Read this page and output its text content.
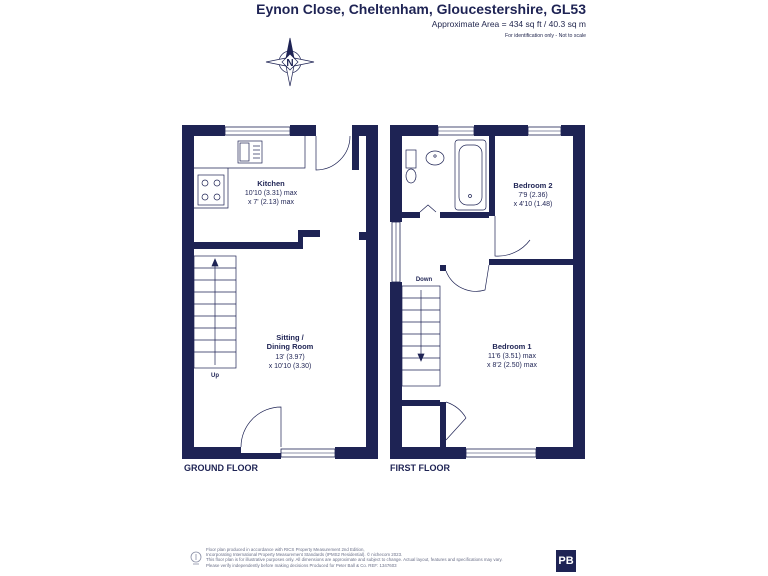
Eynon Close, Cheltenham, Gloucestershire, GL53
Approximate Area = 434 sq ft / 40.3 sq m
For identification only - Not to scale
N
Kitchen
10'10 (3.31) max
x 7' (2.13) max
Sitting /
Dining Room
13' (3.97)
x 10'10 (3.30)
Up
Bedroom 2
7'9 (2.36)
x 4'10 (1.48)
Bedroom 1
11'6 (3.51) max
x 8'2 (2.50) max
Down
GROUND FLOOR	FIRST FLOOR
Floor plan produced in accordance with RICS Property Measurement 2nd Edition,
Incorporating International Property Measurement Standards (IPMS2 Residential). © nichecom 2023.
This floor plan is for illustrative purposes only. All dimensions are approximate and subject to change. Actual layout, features and specifications may vary.
Please verify independently before making decisions Produced for Peter Ball & Co. REF: 1347603	PB
